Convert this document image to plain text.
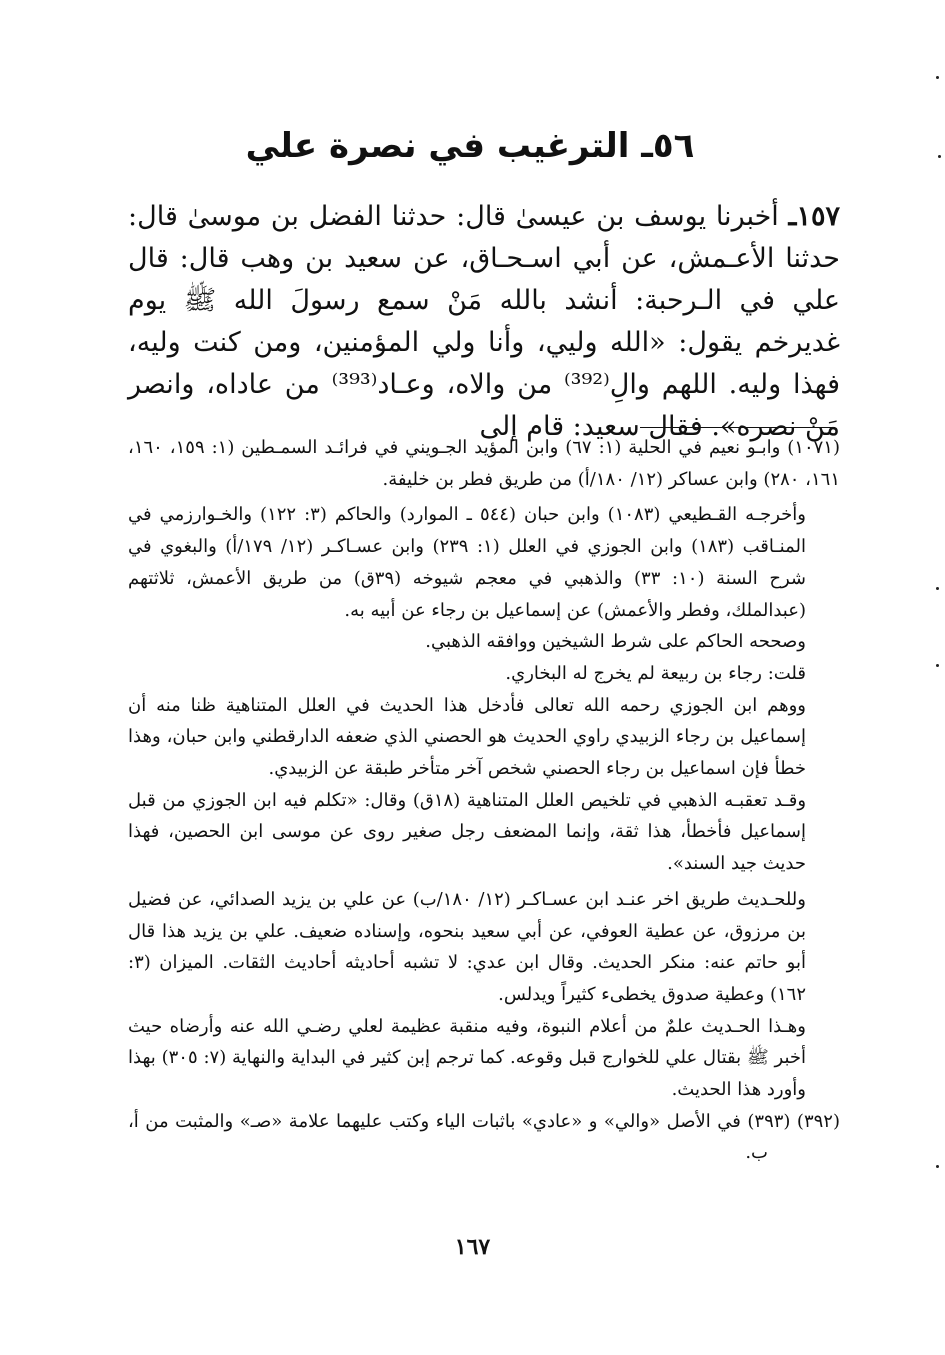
٥٦ـ الترغيب في نصرة علي

١٥٧ـ أخبرنا يوسف بن عيسىٰ قال: حدثنا الفضل بن موسىٰ قال: حدثنا الأعـمش، عن أبي اسـحـاق، عن سعيد بن وهب قال: قال علي في الـرحبة: أنشد بالله مَنْ سمع رسولَ الله ﷺ يوم غديرخم يقول: «الله وليي، وأنا ولي المؤمنين، ومن كنت وليه، فهذا وليه. اللهم والِ⁽³⁹²⁾ من والاه، وعـاد⁽³⁹³⁾ من عاداه، وانصر مَنْ نصره». فقال سعيد: قام إلى

(١٠٧١) وابـو نعيم في الحلية (١: ٦٧) وابن المؤيد الجـويني في فرائـد السمـطين (١: ١٥٩، ١٦٠، ١٦١، ٢٨٠) وابن عساكر (١٢/ ١٨٠/أ) من طريق فطر بن خليفة.

وأخرجـه القـطيعي (١٠٨٣) وابن حبان (٥٤٤ ـ الموارد) والحاكم (٣: ١٢٢) والخـوارزمي في المنـاقب (١٨٣) وابن الجوزي في العلل (١: ٢٣٩) وابن عسـاكـر (١٢/ ١٧٩/أ) والبغوي في شرح السنة (١٠: ٣٣) والذهبي في معجم شيوخه (٣٩ق) من طريق الأعمش، ثلاثتهم (عبدالملك، وفطر والأعمش) عن إسماعيل بن رجاء عن أبيه به.

وصححه الحاكم على شرط الشيخين ووافقه الذهبي.

قلت: رجاء بن ربيعة لم يخرج له البخاري.

ووهم ابن الجوزي رحمه الله تعالى فأدخل هذا الحديث في العلل المتناهية ظنا منه أن إسماعيل بن رجاء الزبيدي راوي الحديث هو الحصني الذي ضعفه الدارقطني وابن حبان، وهذا خطأ فإن اسماعيل بن رجاء الحصني شخص آخر متأخر طبقة عن الزبيدي.

وقـد تعقبـه الذهبي في تلخيص العلل المتناهية (١٨ق) وقال: «تكلم فيه ابن الجوزي من قبل إسماعيل فأخطأ، هذا ثقة، وإنما المضعف رجل صغير روى عن موسى ابن الحصين، فهذا حديث جيد السند».

وللحـديث طريق اخر عنـد ابن عسـاكـر (١٢/ ١٨٠/ب) عن علي بن يزيد الصدائي، عن فضيل بن مرزوق، عن عطية العوفي، عن أبي سعيد بنحوه، وإسناده ضعيف. علي بن يزيد هذا قال أبو حاتم عنه: منكر الحديث. وقال ابن عدي: لا تشبه أحاديثه أحاديث الثقات. الميزان (٣: ١٦٢) وعطية صدوق يخطىء كثيراً ويدلس.

وهـذا الحـديث علمٌ من أعلام النبوة، وفيه منقبة عظيمة لعلي رضـي الله عنه وأرضاه حيث أخبر ﷺ بقتال علي للخوارج قبل وقوعه. كما ترجم إبن كثير في البداية والنهاية (٧: ٣٠٥) بهذا وأورد هذا الحديث.

(٣٩٢) (٣٩٣) في الأصل «والي» و «عادي» باثبات الياء وكتب عليهما علامة «صـ» والمثبت من أ، ب.

١٦٧
